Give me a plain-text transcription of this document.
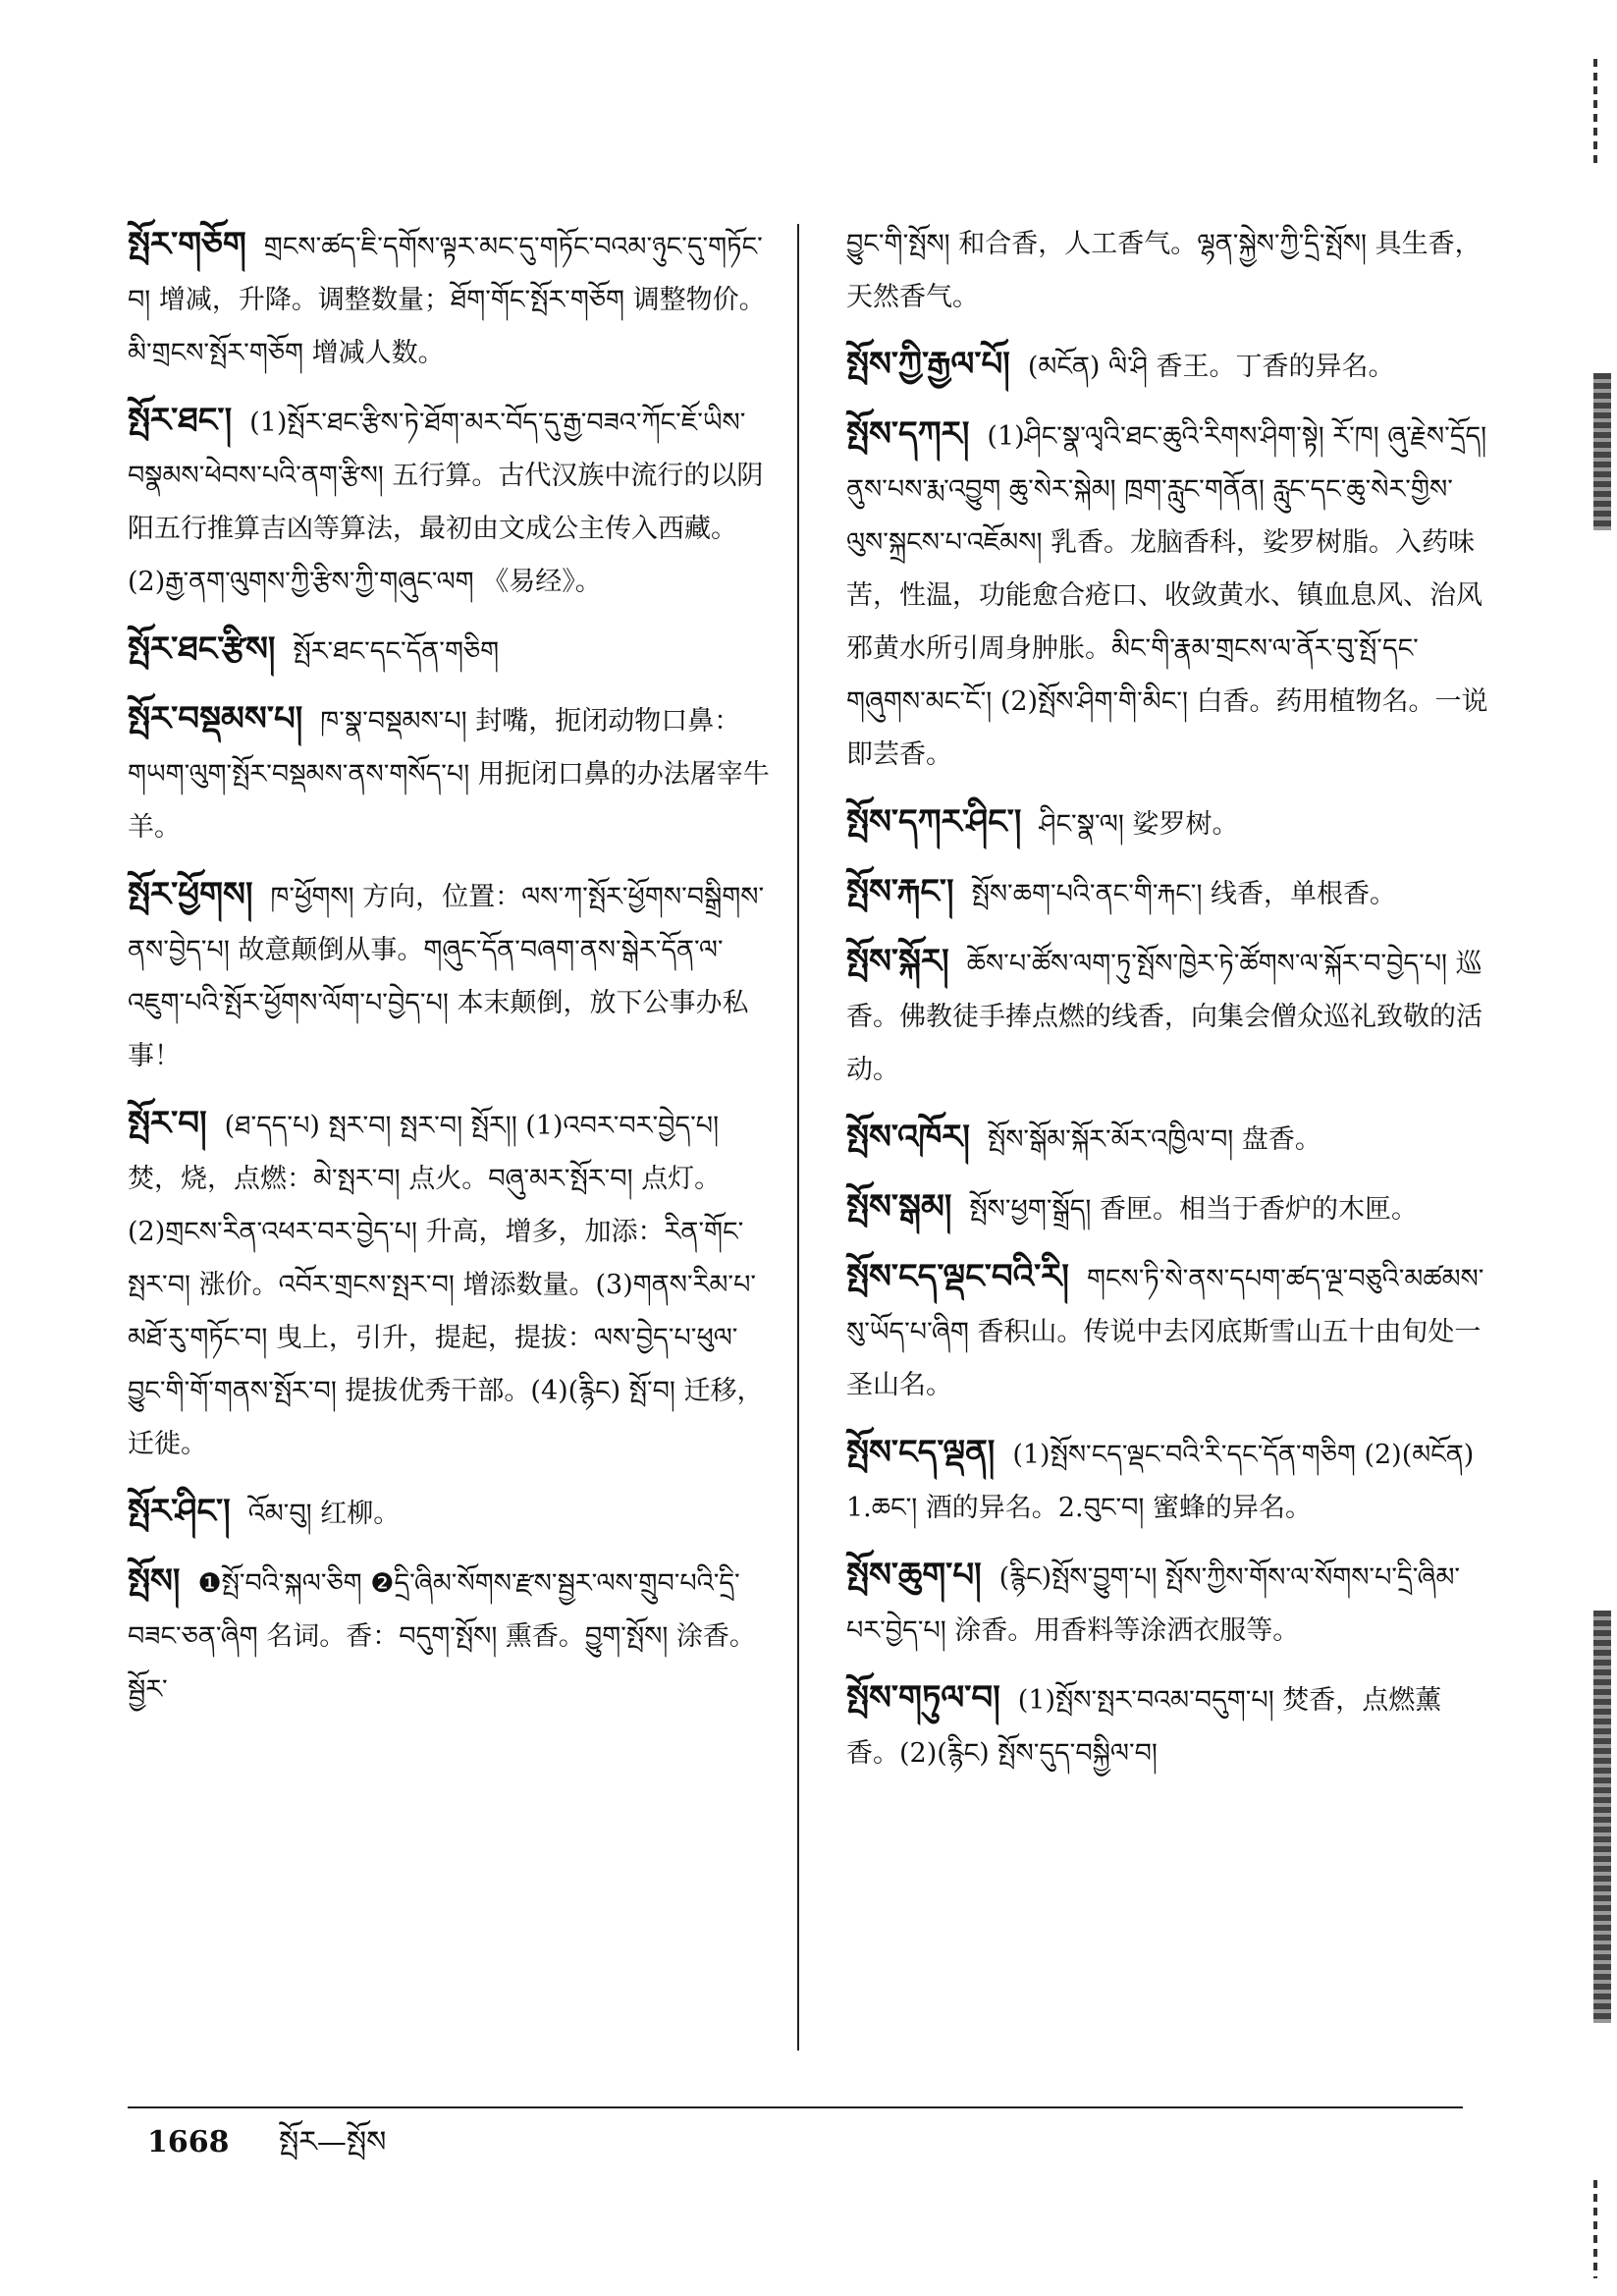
སྤོར་གཅོག གྲངས་ཚད་ཇི་དགོས་ལྟར་མང་དུ་གཏོང་བའམ་ཉུང་དུ་གཏོང་བ། 增减，升降。调整数量；ཐོག་གོང་སྤོར་གཅོག 调整物价。མི་གྲངས་སྤོར་གཅོག 增减人数。
སྤོར་ཐང་། (1)སྤོར་ཐང་རྩིས་ཏེ་ཐོག་མར་བོད་དུ་རྒྱ་བཟའ་ཀོང་ཇོ་ཡིས་བསྣམས་ཕེབས་པའི་ནག་རྩིས། 五行算。古代汉族中流行的以阴阳五行推算吉凶等算法，最初由文成公主传入西藏。(2)རྒྱ་ནག་ལུགས་ཀྱི་རྩིས་ཀྱི་གཞུང་ལག 《易经》。
སྤོར་ཐང་རྩིས། སྤོར་ཐང་དང་དོན་གཅིག
སྤོར་བསྡམས་པ། ཁ་སྣ་བསྡམས་པ། 封嘴，扼闭动物口鼻：གཡག་ལུག་སྤོར་བསྡམས་ནས་གསོད་པ། 用扼闭口鼻的办法屠宰牛羊。
སྤོར་ཕྱོགས། ཁ་ཕྱོགས། 方向，位置：ལས་ཀ་སྤོར་ཕྱོགས་བསྒྲིགས་ནས་བྱེད་པ། 故意颠倒从事。གཞུང་དོན་བཞག་ནས་སྒེར་དོན་ལ་འཇུག་པའི་སྤོར་ཕྱོགས་ལོག་པ་བྱེད་པ། 本末颠倒，放下公事办私事！
སྤོར་བ། (ཐ་དད་པ) སྤར་བ། སྤར་བ། སྤོར།། (1)འབར་བར་བྱེད་པ། 焚，烧，点燃：མེ་སྤར་བ། 点火。བཞུ་མར་སྤོར་བ། 点灯。(2)གྲངས་རིན་འཕར་བར་བྱེད་པ། 升高，增多，加添：རིན་གོང་སྤར་བ། 涨价。འབོར་གྲངས་སྤར་བ། 增添数量。(3)གནས་རིམ་པ་མཐོ་རུ་གཏོང་བ། 曳上，引升，提起，提拔：ལས་བྱེད་པ་ཕུལ་བྱུང་གི་གོ་གནས་སྤོར་བ། 提拔优秀干部。(4)(རྙིང) སྤོ་བ། 迁移，迁徙。
སྤོར་ཤིང་། འོམ་བུ། 红柳。
སྤོས། ❶སྤོ་བའི་སྐལ་ཅིག ❷དྲི་ཞིམ་སོགས་རྫས་སྦྱར་ལས་གྲུབ་པའི་དྲི་བཟང་ཅན་ཞིག 名词。香：བདུག་སྤོས། 熏香。བྱུག་སྤོས། 涂香。སྦྱོར་
བྱུང་གི་སྤོས། 和合香，人工香气。ལྷན་སྐྱེས་ཀྱི་དྲི་སྤོས། 具生香，天然香气。
སྤོས་ཀྱི་རྒྱལ་པོ། (མངོན) ལི་ཤི 香王。丁香的异名。
སྤོས་དཀར། (1)ཤིང་སྣ་ལྭའི་ཐང་ཆུའི་རིགས་ཤིག་སྟེ། ཪོ་ཁ། ཞུ་རྗེས་དྲོད། ནུས་པས་རྨ་འབྱུག ཆུ་སེར་སྐེམ། ཁྲག་རླུང་གནོན། རླུང་དང་ཆུ་སེར་གྱིས་ལུས་སྐྲངས་པ་འཇོམས། 乳香。龙脑香科，娑罗树脂。入药味苦，性温，功能愈合疮口、收敛黄水、镇血息风、治风邪黄水所引周身肿胀。མིང་གི་རྣམ་གྲངས་ལ་ནོར་བུ་སྤོ་དང་གཞུགས་མང་ངོ་། (2)སྤོས་ཤིག་གི་མིང་། 白香。药用植物名。一说即芸香。
སྤོས་དཀར་ཤིང་། ཤིང་སྣ་ལ། 娑罗树。
སྤོས་རྐང་། སྤོས་ཆག་པའི་ནང་གི་རྐང་། 线香，单根香。
སྤོས་སྐོར། ཆོས་པ་ཚོས་ལག་ཏུ་སྤོས་ཁྱེར་ཏེ་ཚོགས་ལ་སྐོར་བ་བྱེད་པ། 巡香。佛教徒手捧点燃的线香，向集会僧众巡礼致敬的活动。
སྤོས་འཁོར། སྤོས་སྒོམ་སྐོར་མོར་འཁྱིལ་བ། 盘香。
སྤོས་སྒམ། སྤོས་ཕྱག་སྒྲོད། 香匣。相当于香炉的木匣。
སྤོས་ངད་ལྡང་བའི་རི། གངས་ཏི་སེ་ནས་དཔག་ཚད་ལྔ་བཅུའི་མཚམས་སུ་ཡོད་པ་ཞིག 香积山。传说中去冈底斯雪山五十由旬处一圣山名。
སྤོས་ངད་ལྡན། (1)སྤོས་ངད་ལྡང་བའི་རི་དང་དོན་གཅིག (2)(མངོན) 1.ཆང་། 酒的异名。2.བུང་བ། 蜜蜂的异名。
སྤོས་ཆུག་པ། (རྙིང)སྤོས་བྱུག་པ། སྤོས་ཀྱིས་གོས་ལ་སོགས་པ་དྲི་ཞིམ་པར་བྱེད་པ། 涂香。用香料等涂洒衣服等。
སྤོས་གཏུལ་བ། (1)སྤོས་སྤར་བའམ་བདུག་པ། 焚香，点燃薰香。(2)(རྙིང) སྤོས་དུད་བསྐྱིལ་བ།
1668 སྤོར—སྤོས
